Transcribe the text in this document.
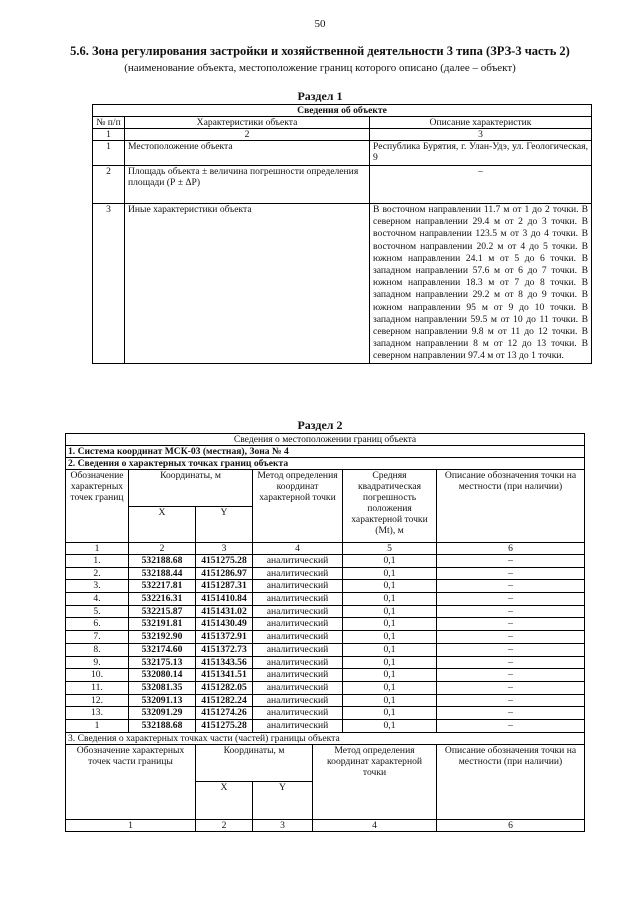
50
5.6. Зона регулирования застройки и хозяйственной деятельности 3 типа (ЗРЗ-3 часть 2)
(наименование объекта, местоположение границ которого описано (далее – объект)
Раздел 1
Сведения об объекте		
№ п/п	Характеристики объекта	Описание характеристик
1	2	3
1	Местоположение объекта	Республика Бурятия, г. Улан-Удэ, ул. Геологическая, 9
2	Площадь объекта ± величина погрешности определения площади (Р ± ΔР)	–
3	Иные характеристики объекта	В восточном направлении 11.7 м от 1 до 2 точки. В северном направлении 29.4 м от 2 до 3 точки. В восточном направлении 123.5 м от 3 до 4 точки. В восточном направлении 20.2 м от 4 до 5 точки. В южном направлении 24.1 м от 5 до 6 точки. В западном направлении 57.6 м от 6 до 7 точки. В южном направлении 18.3 м от 7 до 8 точки. В западном направлении 29.2 м от 8 до 9 точки. В южном направлении 95 м от 9 до 10 точки. В западном направлении 59.5 м от 10 до 11 точки. В северном направлении 9.8 м от 11 до 12 точки. В западном направлении 8 м от 12 до 13 точки. В северном направлении 97.4 м от 13 до 1 точки.
Раздел 2
Сведения о местоположении границ объекта						
1. Система координат МСК-03 (местная), Зона № 4						
2. Сведения о характерных точках границ объекта						
Обозначение характерных точек границ	Координаты, м		Метод определения координат характерной точки		Средняя квадратическая погрешность положения характерной точки (Mt), м	Описание обозначения точки на местности (при наличии)
	X	Y				
1	2	3	4		5	6
1.	532188.68	4151275.28	аналитический		0,1	–
2.	532188.44	4151286.97	аналитический		0,1	–
3.	532217.81	4151287.31	аналитический		0,1	–
4.	532216.31	4151410.84	аналитический		0,1	–
5.	532215.87	4151431.02	аналитический		0,1	–
6.	532191.81	4151430.49	аналитический		0,1	–
7.	532192.90	4151372.91	аналитический		0,1	–
8.	532174.60	4151372.73	аналитический		0,1	–
9.	532175.13	4151343.56	аналитический		0,1	–
10.	532080.14	4151341.51	аналитический		0,1	–
11.	532081.35	4151282.05	аналитический		0,1	–
12.	532091.13	4151282.24	аналитический		0,1	–
13.	532091.29	4151274.26	аналитический		0,1	–
1	532188.68	4151275.28	аналитический		0,1	–
3. Сведения о характерных точках части (частей) границы объекта						
Обозначение характерных точек части границы		Координаты, м		Метод определения координат характерной точки		Описание обозначения точки на местности (при наличии)
		X	Y			
1		2	3	4		6
